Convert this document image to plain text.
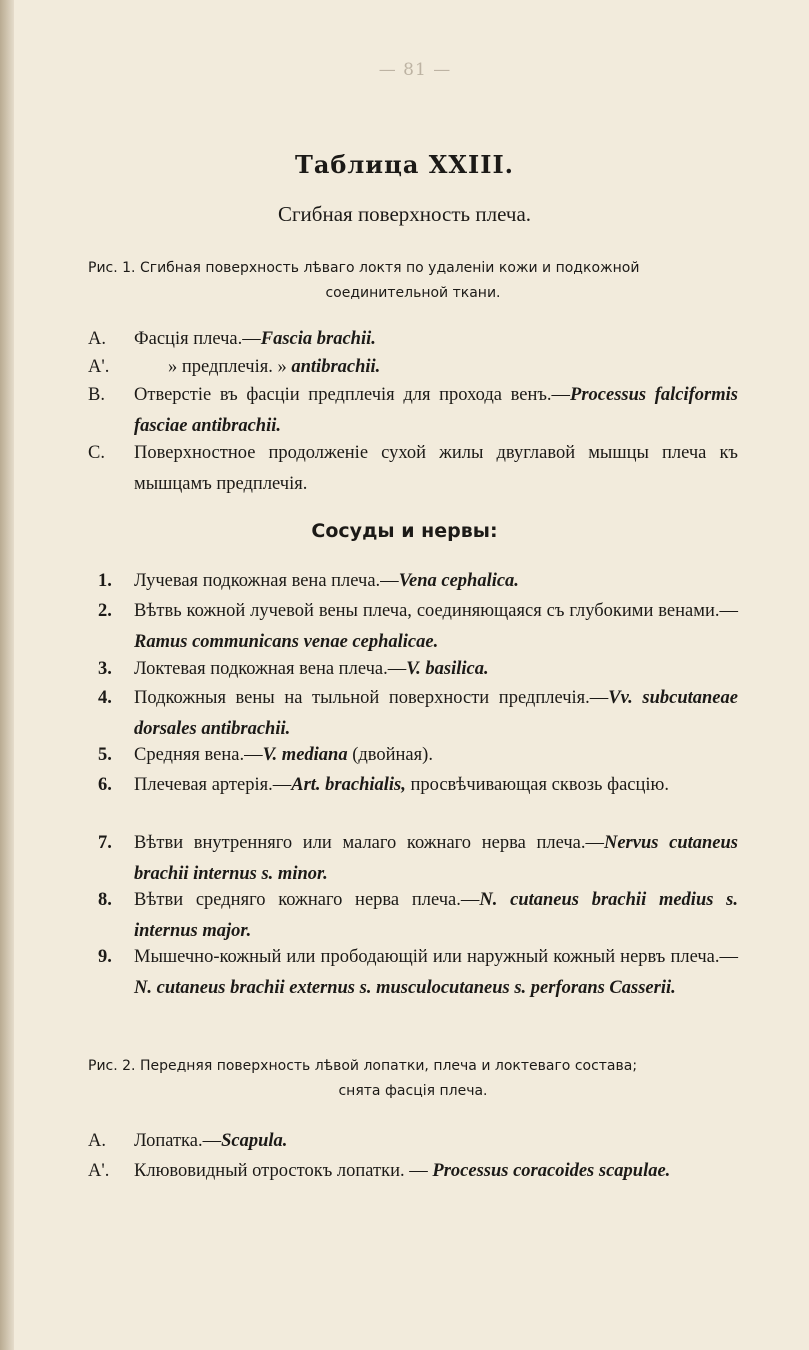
— 81 —
Таблица XXIII.
Сгибная поверхность плеча.
Рис. 1. Сгибная поверхность лѣваго локтя по удаленіи кожи и подкожной
соединительной ткани.
A. Фасція плеча.—Fascia brachii.
A'.	» предплечія. » antibrachii.
B. Отверстіе въ фасціи предплечія для прохода венъ.—Processus falciformis fasciae antibrachii.
C. Поверхностное продолженіе сухой жилы двуглавой мышцы плеча къ мышцамъ предплечія.
Сосуды и нервы:
1. Лучевая подкожная вена плеча.—Vena cephalica.
2. Вѣтвь кожной лучевой вены плеча, соединяющаяся съ глубокими венами.—Ramus communicans venae cephalicae.
3. Локтевая подкожная вена плеча.—V. basilica.
4. Подкожныя вены на тыльной поверхности предплечія.—Vv. subcutaneae dorsales antibrachii.
5. Средняя вена.—V. mediana (двойная).
6. Плечевая артерія.—Art. brachialis, просвѣчивающая сквозь фасцію.
7. Вѣтви внутренняго или малаго кожнаго нерва плеча.—Nervus cutaneus brachii internus s. minor.
8. Вѣтви средняго кожнаго нерва плеча.—N. cutaneus brachii medius s. internus major.
9. Мышечно-кожный или прободающій или наружный кожный нервъ плеча.—N. cutaneus brachii externus s. musculocutaneus s. perforans Casserii.
Рис. 2. Передняя поверхность лѣвой лопатки, плеча и локтеваго состава;
снята фасція плеча.
A. Лопатка.—Scapula.
A'. Клювовидный отростокъ лопатки. — Processus coracoides scapulae.
